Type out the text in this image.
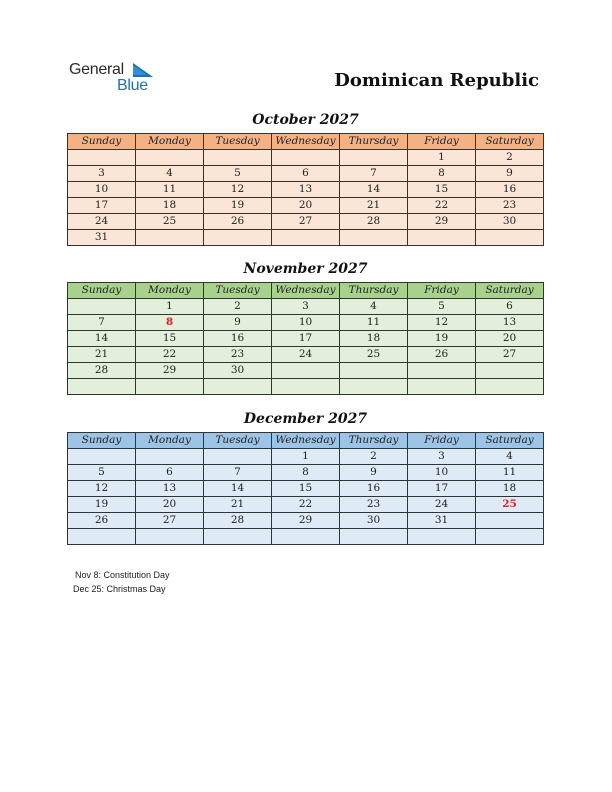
General
Blue	Dominican Republic
October 2027
Sunday	Monday	Tuesday	Wednesday	Thursday	Friday	Saturday
					1	2
3	4	5	6	7	8	9
10	11	12	13	14	15	16
17	18	19	20	21	22	23
24	25	26	27	28	29	30
31						
November 2027
Sunday	Monday	Tuesday	Wednesday	Thursday	Friday	Saturday
	1	2	3	4	5	6
7	8	9	10	11	12	13
14	15	16	17	18	19	20
21	22	23	24	25	26	27
28	29	30				

December 2027
Sunday	Monday	Tuesday	Wednesday	Thursday	Friday	Saturday
			1	2	3	4
5	6	7	8	9	10	11
12	13	14	15	16	17	18
19	20	21	22	23	24	25
26	27	28	29	30	31	

Nov 8: Constitution Day
Dec 25: Christmas Day
